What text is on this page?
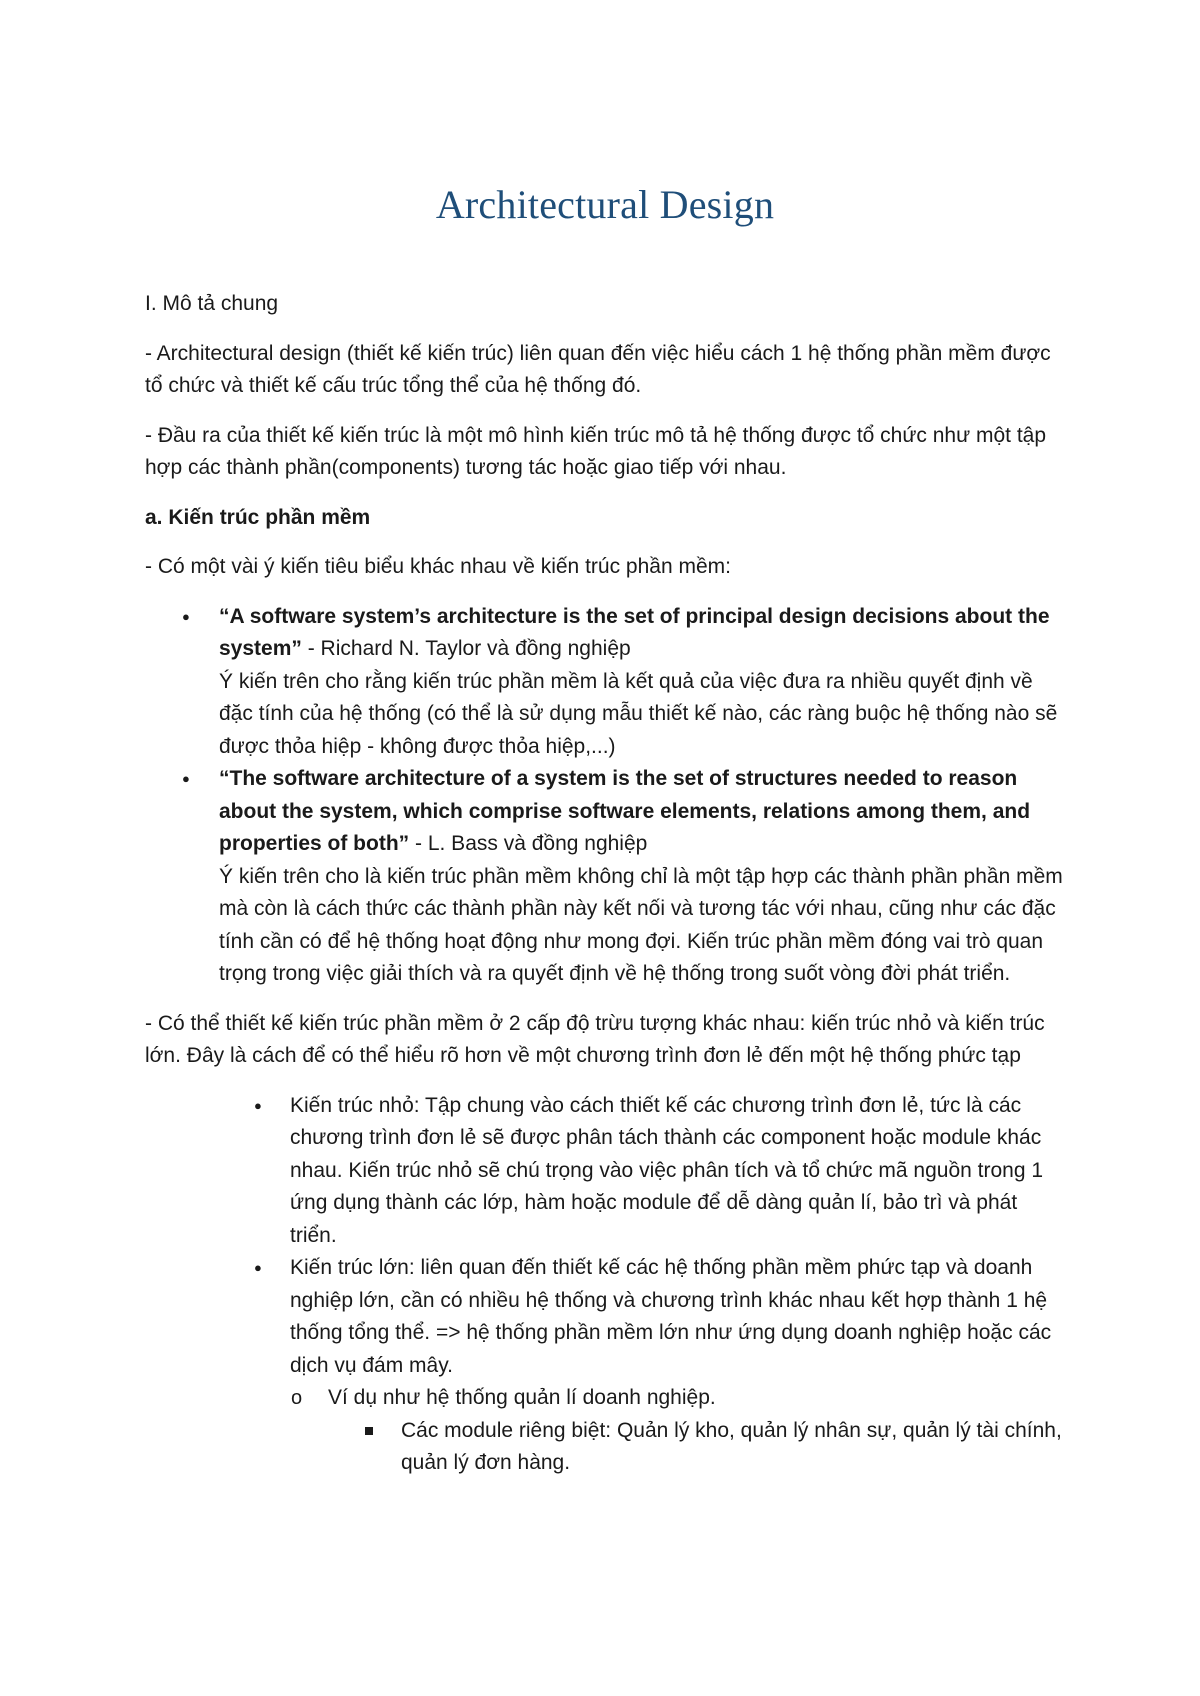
Architectural Design

I. Mô tả chung

- Architectural design (thiết kế kiến trúc) liên quan đến việc hiểu cách 1 hệ thống phần mềm được tổ chức và thiết kế cấu trúc tổng thể của hệ thống đó.

- Đầu ra của thiết kế kiến trúc là một mô hình kiến trúc mô tả hệ thống được tổ chức như một tập hợp các thành phần(components) tương tác hoặc giao tiếp với nhau.

a. Kiến trúc phần mềm

- Có một vài ý kiến tiêu biểu khác nhau về kiến trúc phần mềm:

● “A software system’s architecture is the set of principal design decisions about the system” - Richard N. Taylor và đồng nghiệp
Ý kiến trên cho rằng kiến trúc phần mềm là kết quả của việc đưa ra nhiều quyết định về đặc tính của hệ thống (có thể là sử dụng mẫu thiết kế nào, các ràng buộc hệ thống nào sẽ được thỏa hiệp - không được thỏa hiệp,...)
● “The software architecture of a system is the set of structures needed to reason about the system, which comprise software elements, relations among them, and properties of both” - L. Bass và đồng nghiệp
Ý kiến trên cho là kiến trúc phần mềm không chỉ là một tập hợp các thành phần phần mềm mà còn là cách thức các thành phần này kết nối và tương tác với nhau, cũng như các đặc tính cần có để hệ thống hoạt động như mong đợi. Kiến trúc phần mềm đóng vai trò quan trọng trong việc giải thích và ra quyết định về hệ thống trong suốt vòng đời phát triển.

- Có thể thiết kế kiến trúc phần mềm ở 2 cấp độ trừu tượng khác nhau: kiến trúc nhỏ và kiến trúc lớn. Đây là cách để có thể hiểu rõ hơn về một chương trình đơn lẻ đến một hệ thống phức tạp

● Kiến trúc nhỏ: Tập chung vào cách thiết kế các chương trình đơn lẻ, tức là các chương trình đơn lẻ sẽ được phân tách thành các component hoặc module khác nhau. Kiến trúc nhỏ sẽ chú trọng vào việc phân tích và tổ chức mã nguồn trong 1 ứng dụng thành các lớp, hàm hoặc module để dễ dàng quản lí, bảo trì và phát triển.
● Kiến trúc lớn: liên quan đến thiết kế các hệ thống phần mềm phức tạp và doanh nghiệp lớn, cần có nhiều hệ thống và chương trình khác nhau kết hợp thành 1 hệ thống tổng thể. => hệ thống phần mềm lớn như ứng dụng doanh nghiệp hoặc các dịch vụ đám mây.
o Ví dụ như hệ thống quản lí doanh nghiệp.
Các module riêng biệt: Quản lý kho, quản lý nhân sự, quản lý tài chính, quản lý đơn hàng.
